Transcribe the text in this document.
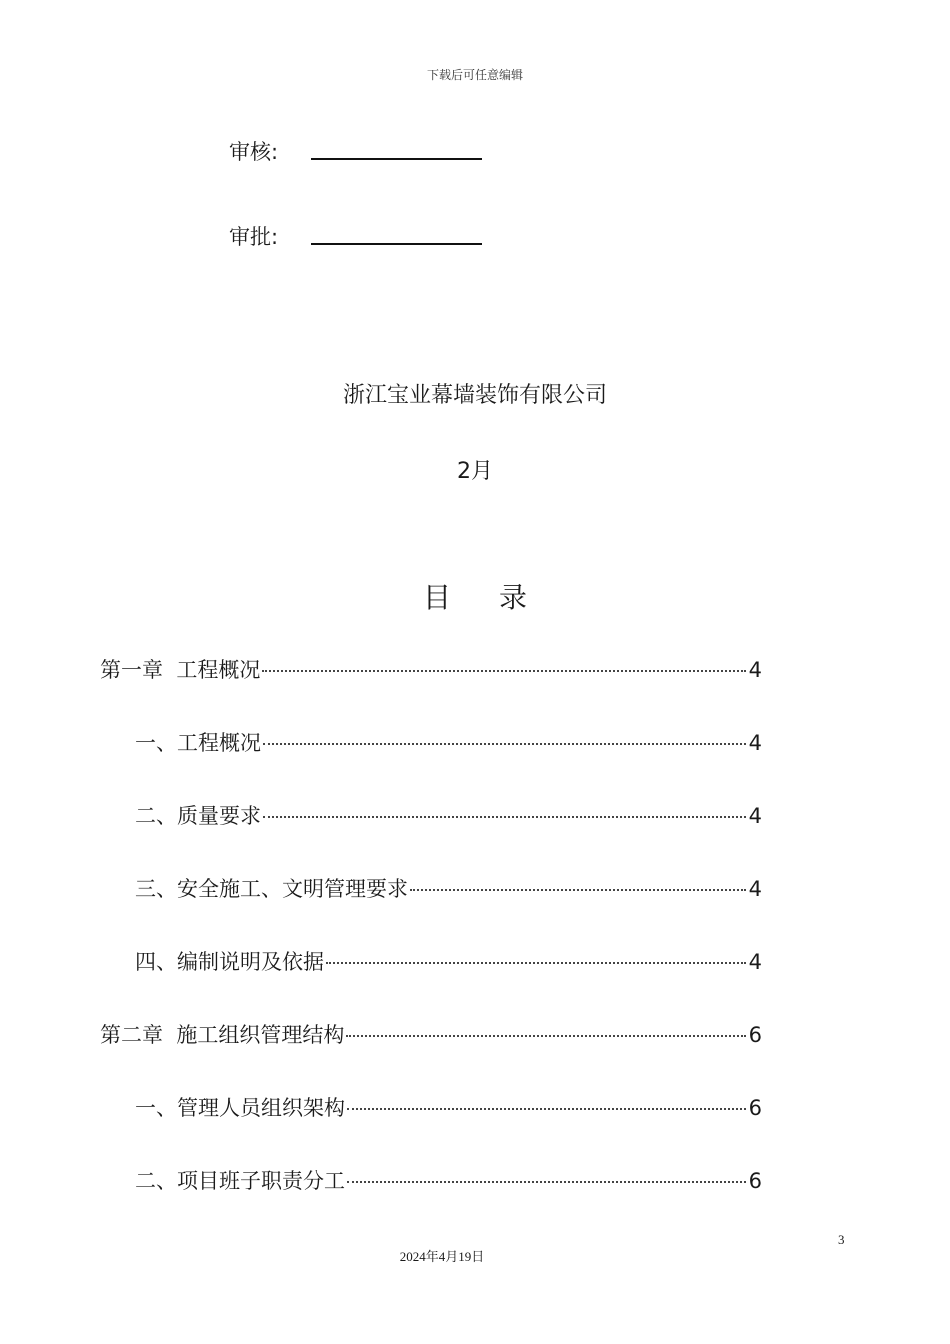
下载后可任意编辑
审核:
审批:
浙江宝业幕墙装饰有限公司
2月
目录
第一章  工程概况	4
一、工程概况	4
二、质量要求	4
三、安全施工、文明管理要求	4
四、编制说明及依据	4
第二章  施工组织管理结构	6
一、管理人员组织架构	6
二、项目班子职责分工	6
3
2024年4月19日
